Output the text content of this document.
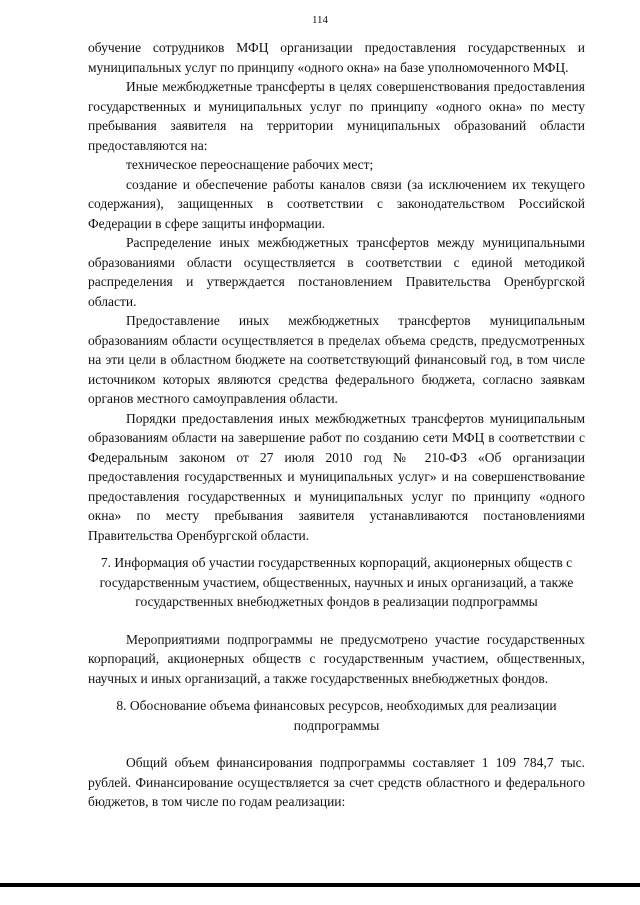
114

обучение сотрудников МФЦ организации предоставления государственных и муниципальных услуг по принципу «одного окна» на базе уполномоченного МФЦ.

Иные межбюджетные трансферты в целях совершенствования предоставления государственных и муниципальных услуг по принципу «одного окна» по месту пребывания заявителя на территории муниципальных образований области предоставляются на:

техническое переоснащение рабочих мест;

создание и обеспечение работы каналов связи (за исключением их текущего содержания), защищенных в соответствии с законодательством Российской Федерации в сфере защиты информации.

Распределение иных межбюджетных трансфертов между муниципальными образованиями области осуществляется в соответствии с единой методикой распределения и утверждается постановлением Правительства Оренбургской области.

Предоставление иных межбюджетных трансфертов муниципальным образованиям области осуществляется в пределах объема средств, предусмотренных на эти цели в областном бюджете на соответствующий финансовый год, в том числе источником которых являются средства федерального бюджета, согласно заявкам органов местного самоуправления области.

Порядки предоставления иных межбюджетных трансфертов муниципальным образованиям области на завершение работ по созданию сети МФЦ в соответствии с Федеральным законом от 27 июля 2010 год № 210-ФЗ «Об организации предоставления государственных и муниципальных услуг» и на совершенствование предоставления государственных и муниципальных услуг по принципу «одного окна» по месту пребывания заявителя устанавливаются постановлениями Правительства Оренбургской области.

7. Информация об участии государственных корпораций, акционерных обществ с государственным участием, общественных, научных и иных организаций, а также государственных внебюджетных фондов в реализации подпрограммы

Мероприятиями подпрограммы не предусмотрено участие государственных корпораций, акционерных обществ с государственным участием, общественных, научных и иных организаций, а также государственных внебюджетных фондов.

8. Обоснование объема финансовых ресурсов, необходимых для реализации подпрограммы

Общий объем финансирования подпрограммы составляет 1 109 784,7 тыс. рублей. Финансирование осуществляется за счет средств областного и федерального бюджетов, в том числе по годам реализации:
